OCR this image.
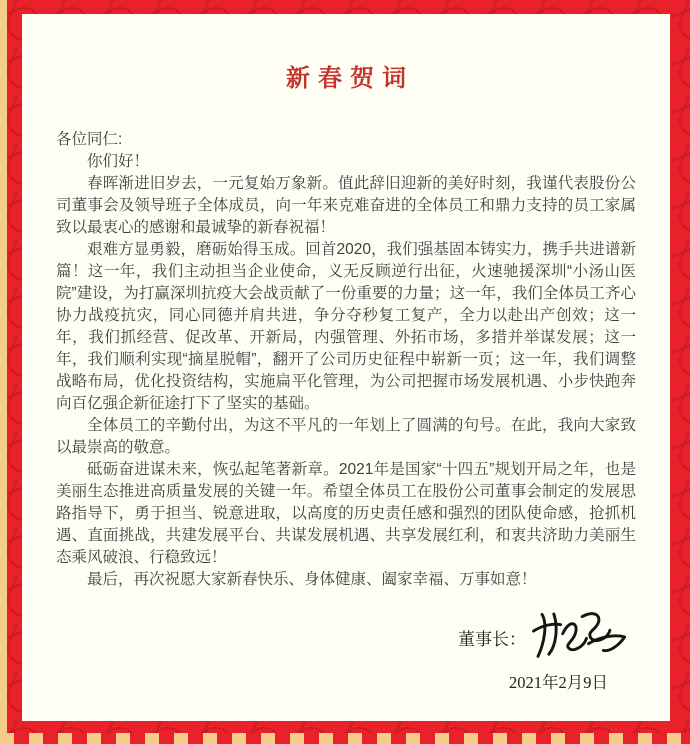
新春贺词

各位同仁:

你们好！

春晖渐进旧岁去，一元复始万象新。值此辞旧迎新的美好时刻，我谨代表股份公司董事会及领导班子全体成员，向一年来克难奋进的全体员工和鼎力支持的员工家属致以最衷心的感谢和最诚挚的新春祝福！

艰难方显勇毅，磨砺始得玉成。回首2020，我们强基固本铸实力，携手共进谱新篇！这一年，我们主动担当企业使命，义无反顾逆行出征，火速驰援深圳“小汤山医院”建设，为打赢深圳抗疫大会战贡献了一份重要的力量；这一年，我们全体员工齐心协力战疫抗灾，同心同德并肩共进，争分夺秒复工复产，全力以赴出产创效；这一年，我们抓经营、促改革、开新局，内强管理、外拓市场，多措并举谋发展；这一年，我们顺利实现“摘星脱帽”，翻开了公司历史征程中崭新一页；这一年，我们调整战略布局，优化投资结构，实施扁平化管理，为公司把握市场发展机遇、小步快跑奔向百亿强企新征途打下了坚实的基础。

全体员工的辛勤付出，为这不平凡的一年划上了圆满的句号。在此，我向大家致以最崇高的敬意。

砥砺奋进谋未来，恢弘起笔著新章。2021年是国家“十四五”规划开局之年，也是美丽生态推进高质量发展的关键一年。希望全体员工在股份公司董事会制定的发展思路指导下，勇于担当、锐意进取，以高度的历史责任感和强烈的团队使命感，抢抓机遇、直面挑战，共建发展平台、共谋发展机遇、共享发展红利，和衷共济助力美丽生态乘风破浪、行稳致远！

最后，再次祝愿大家新春快乐、身体健康、阖家幸福、万事如意！

董事长：
2021年2月9日
